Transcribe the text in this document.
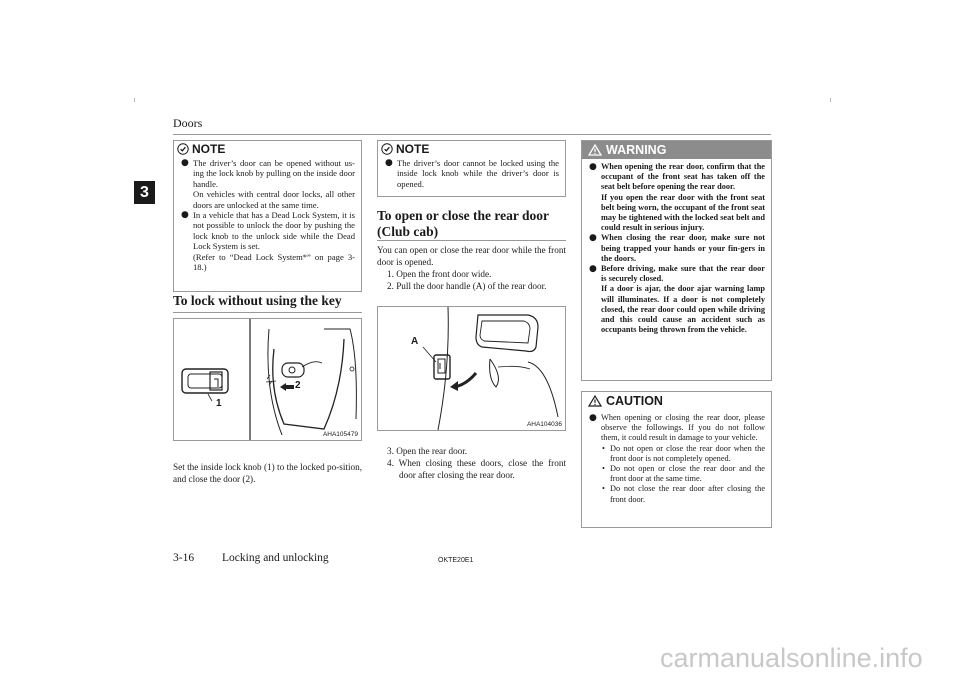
Doors
3
NOTE
● The driver’s door can be opened without us-ing the lock knob by pulling on the inside door handle.
On vehicles with central door locks, all other doors are unlocked at the same time.
● In a vehicle that has a Dead Lock System, it is not possible to unlock the door by pushing the lock knob to the unlock side while the Dead Lock System is set.
(Refer to “Dead Lock System*” on page 3-18.)
To lock without using the key
2
1
AHA105479
Set the inside lock knob (1) to the locked po-sition, and close the door (2).
NOTE
● The driver’s door cannot be locked using the inside lock knob while the driver’s door is opened.
To open or close the rear door (Club cab)
You can open or close the rear door while the front door is opened.
1. Open the front door wide.
2. Pull the door handle (A) of the rear door.
A
AHA104036
3. Open the rear door.
4. When closing these doors, close the front door after closing the rear door.
WARNING
● When opening the rear door, confirm that the occupant of the front seat has taken off the seat belt before opening the rear door.
If you open the rear door with the front seat belt being worn, the occupant of the front seat may be tightened with the locked seat belt and could result in serious injury.
● When closing the rear door, make sure not being trapped your hands or your fin-gers in the doors.
● Before driving, make sure that the rear door is securely closed.
If a door is ajar, the door ajar warning lamp will illuminates. If a door is not completely closed, the rear door could open while driving and this could cause an accident such as occupants being thrown from the vehicle.
CAUTION
● When opening or closing the rear door, please observe the followings. If you do not follow them, it could result in damage to your vehicle.
• Do not open or close the rear door when the front door is not completely opened.
• Do not open or close the rear door and the front door at the same time.
• Do not close the rear door after closing the front door.
3-16 Locking and unlocking	OKTE20E1
carmanualsonline.info
